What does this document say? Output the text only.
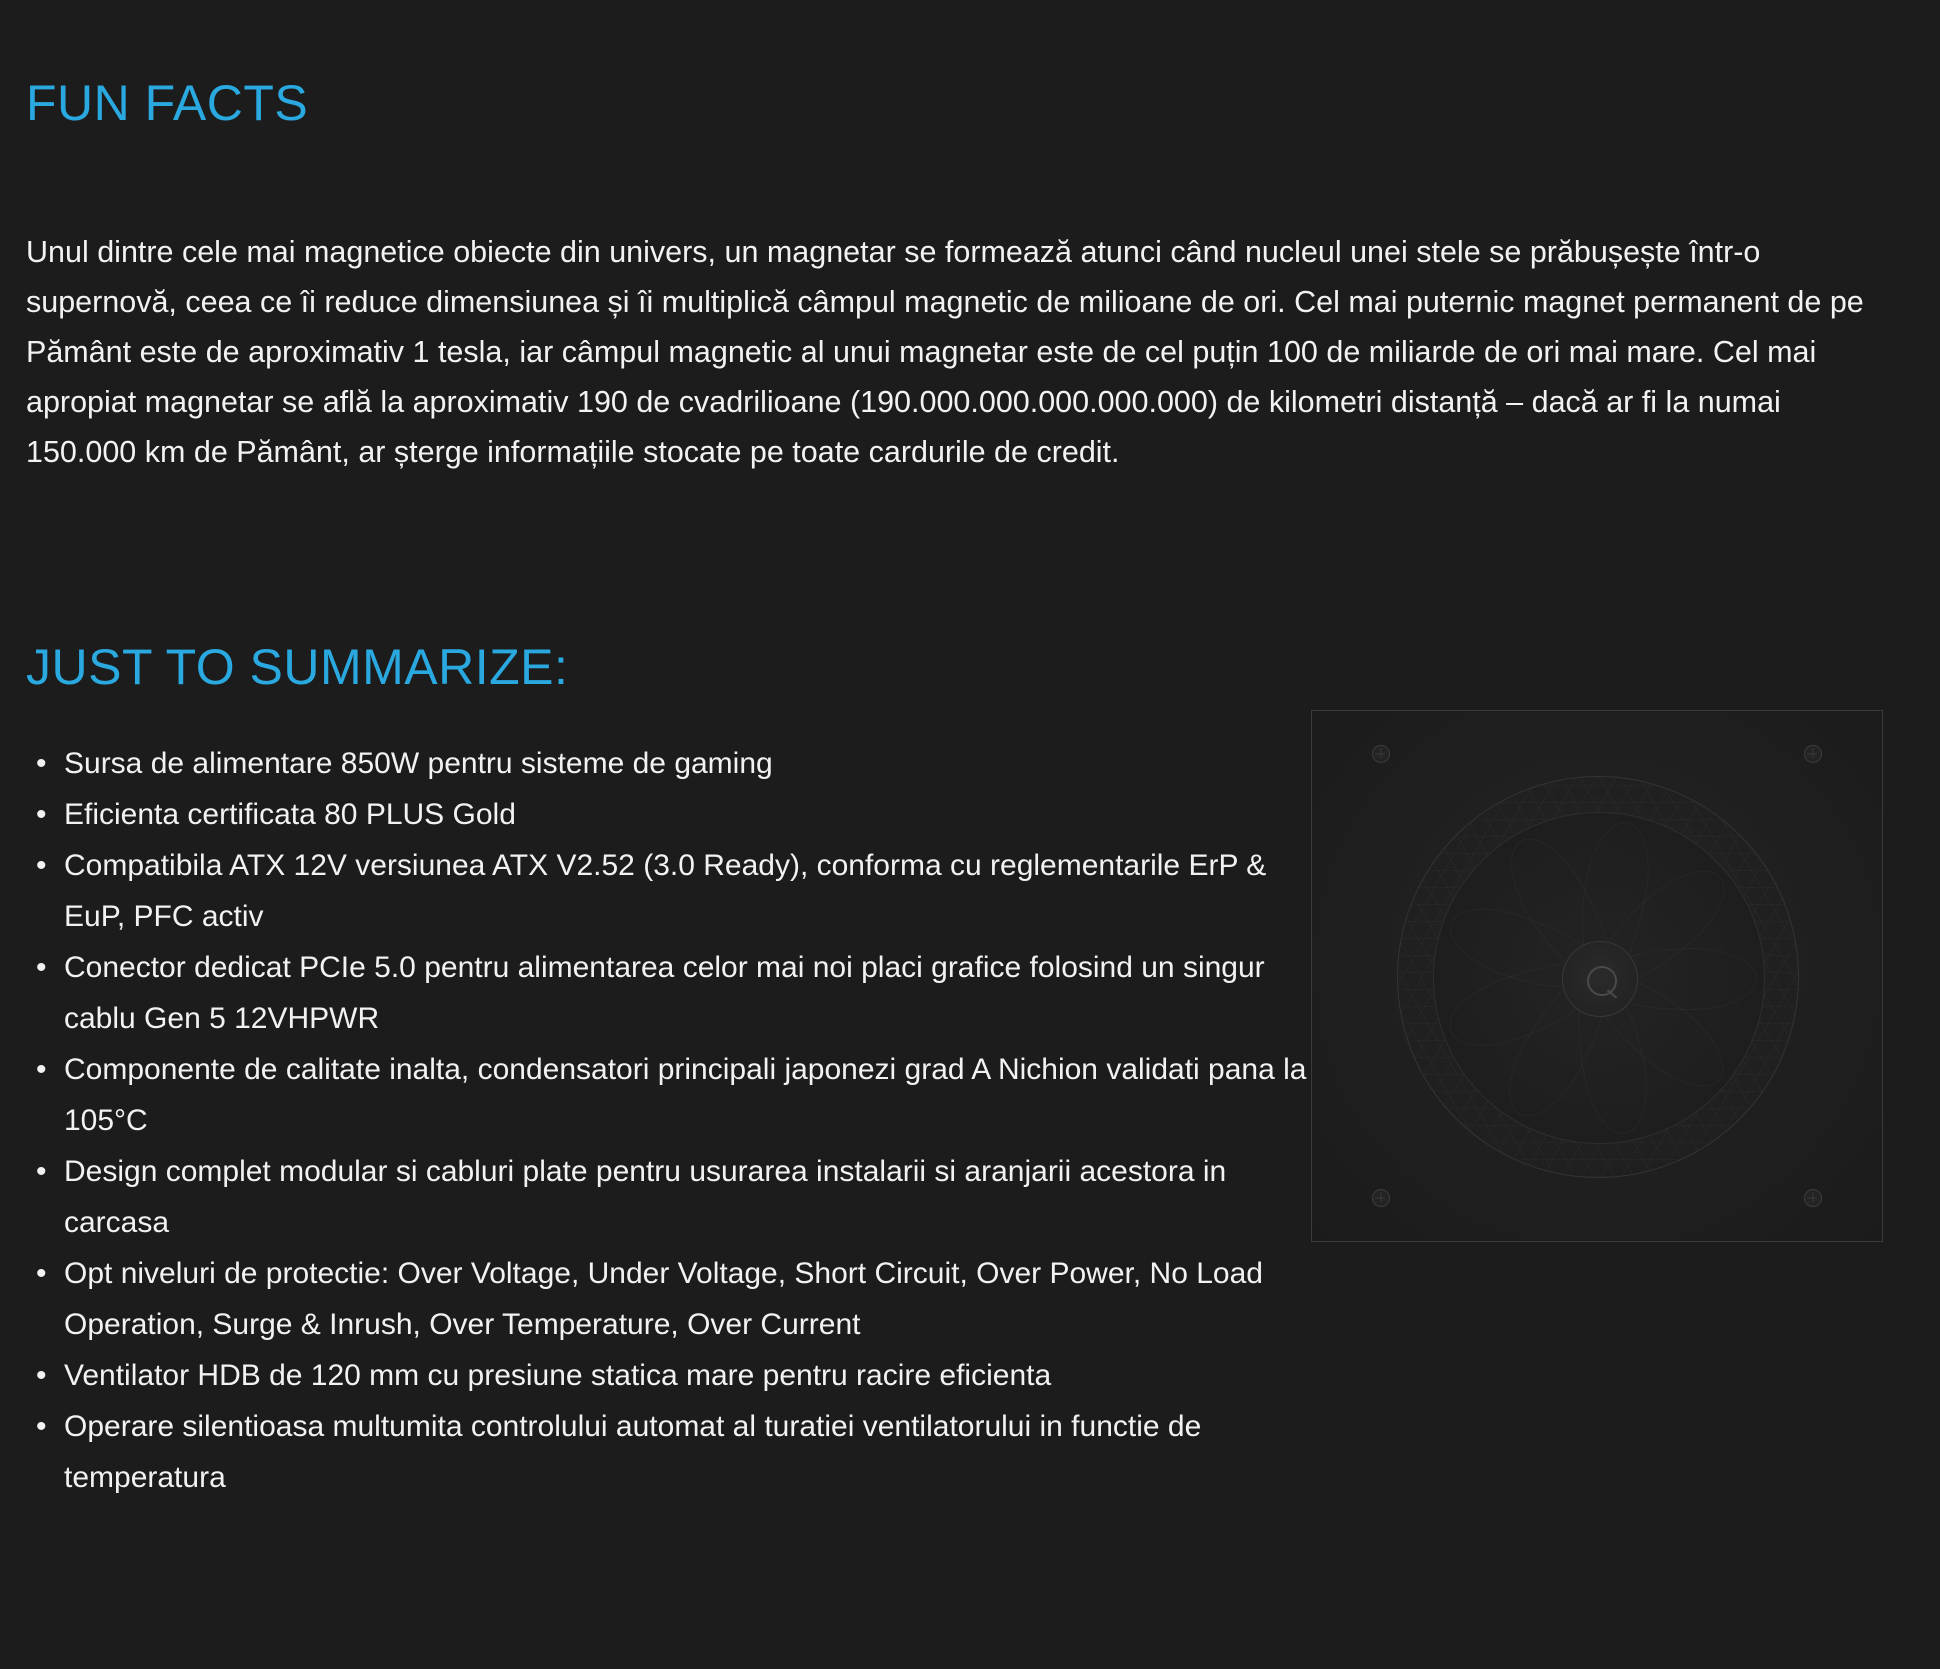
FUN FACTS

Unul dintre cele mai magnetice obiecte din univers, un magnetar se formează atunci când nucleul unei stele se prăbușește într-o supernovă, ceea ce îi reduce dimensiunea și îi multiplică câmpul magnetic de milioane de ori. Cel mai puternic magnet permanent de pe Pământ este de aproximativ 1 tesla, iar câmpul magnetic al unui magnetar este de cel puțin 100 de miliarde de ori mai mare. Cel mai apropiat magnetar se află la aproximativ 190 de cvadrilioane (190.000.000.000.000.000) de kilometri distanță – dacă ar fi la numai 150.000 km de Pământ, ar șterge informațiile stocate pe toate cardurile de credit.

JUST TO SUMMARIZE:
• Sursa de alimentare 850W pentru sisteme de gaming
• Eficienta certificata 80 PLUS Gold
• Compatibila ATX 12V versiunea ATX V2.52 (3.0 Ready), conforma cu reglementarile ErP & EuP, PFC activ
• Conector dedicat PCIe 5.0 pentru alimentarea celor mai noi placi grafice folosind un singur cablu Gen 5 12VHPWR
• Componente de calitate inalta, condensatori principali japonezi grad A Nichion validati pana la 105°C
• Design complet modular si cabluri plate pentru usurarea instalarii si aranjarii acestora in carcasa
• Opt niveluri de protectie: Over Voltage, Under Voltage, Short Circuit, Over Power, No Load Operation, Surge & Inrush, Over Temperature, Over Current
• Ventilator HDB de 120 mm cu presiune statica mare pentru racire eficienta
• Operare silentioasa multumita controlului automat al turatiei ventilatorului in functie de temperatura
